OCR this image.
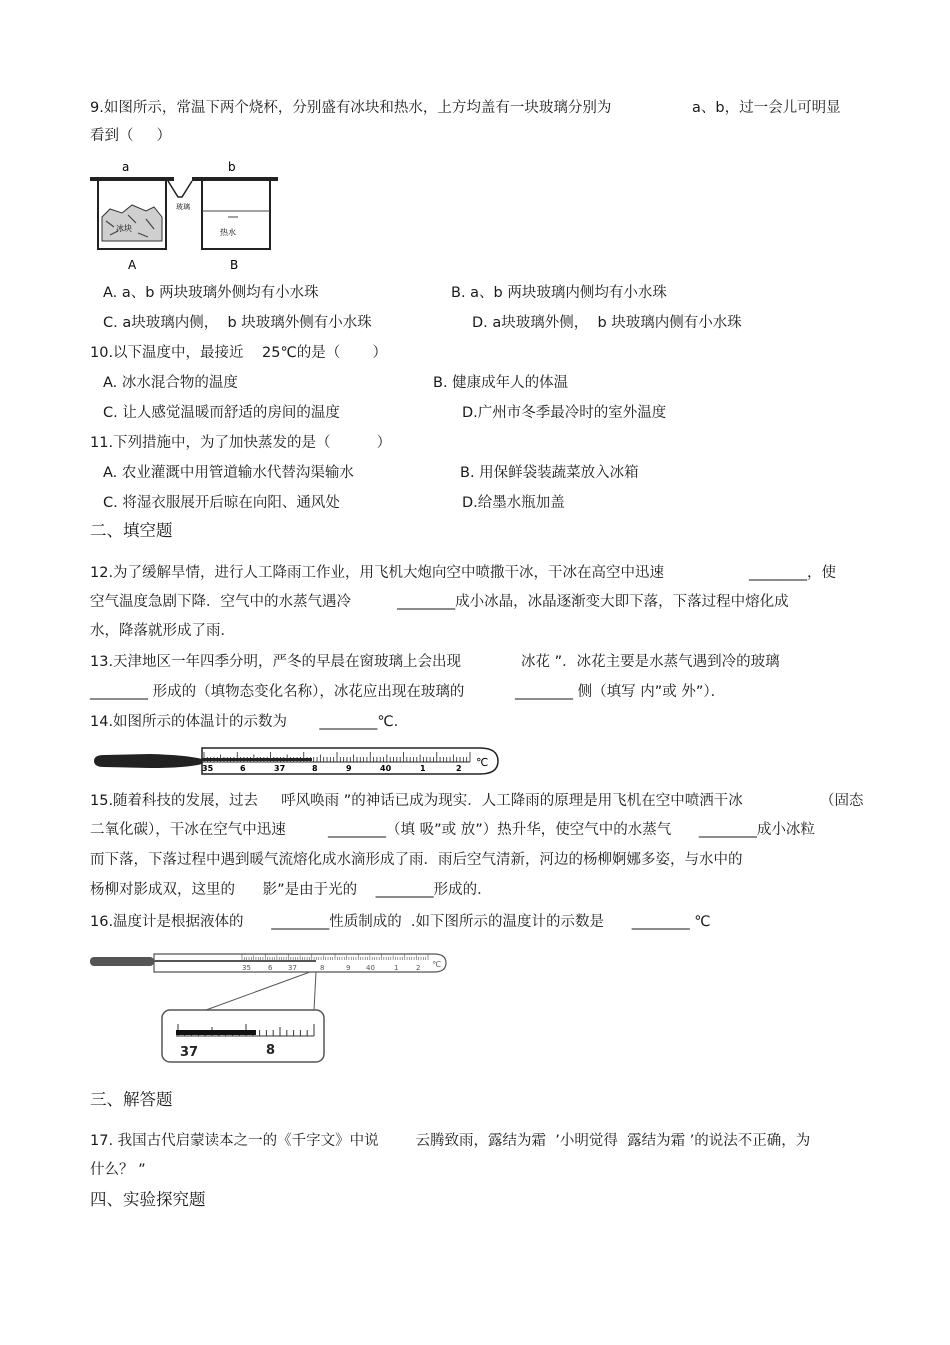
9.如图所示，常温下两个烧杯，分别盛有冰块和热水，上方均盖有一块玻璃分别为	a、b，过一会儿可明显
看到（     ）
a	b
玻璃
冰块	热水
A	B
A. a、b 两块玻璃外侧均有小水珠	B. a、b 两块玻璃内侧均有小水珠
C. a块玻璃内侧，  b 块玻璃外侧有小水珠	D. a块玻璃外侧，  b 块玻璃内侧有小水珠
10.以下温度中，最接近    25℃的是（       ）
A. 冰水混合物的温度	B. 健康成年人的体温
C. 让人感觉温暖而舒适的房间的温度	D.广州市冬季最冷时的室外温度
11.下列措施中，为了加快蒸发的是（          ）
A. 农业灌溉中用管道输水代替沟渠输水	B. 用保鲜袋装蔬菜放入冰箱
C. 将湿衣服展开后晾在向阳、通风处	D.给墨水瓶加盖
二、填空题
12.为了缓解旱情，进行人工降雨工作业，用飞机大炮向空中喷撒干冰，干冰在高空中迅速	________，使
空气温度急剧下降．空气中的水蒸气遇冷          ________成小冰晶，冰晶逐渐变大即下落，下落过程中熔化成
水，降落就形成了雨．
13.天津地区一年四季分明，严冬的早晨在窗玻璃上会出现	冰花 ”．冰花主要是水蒸气遇到冷的玻璃
________ 形成的（填物态变化名称），冰花应出现在玻璃的           ________ 侧（填写 内”或 外”）．
14.如图所示的体温计的示数为       ________℃.
35	6	37	8	9	40	1	2 ℃
15.随着科技的发展，过去     呼风唤雨 ”的神话已成为现实．人工降雨的原理是用飞机在空中喷洒干冰	（固态
二氧化碳），干冰在空气中迅速	________（填 吸”或 放”）热升华，使空气中的水蒸气      ________成小冰粒
而下落，下落过程中遇到暖气流熔化成水滴形成了雨．雨后空气清新，河边的杨柳婀娜多姿，与水中的
杨柳对影成双，这里的      影”是由于光的    ________形成的．
16.温度计是根据液体的      ________性质制成的  .如下图所示的温度计的示数是      ________ ℃
35 6 37	8	9 40	1	2 ℃
37	8
三、解答题
17. 我国古代启蒙读本之一的《千字文》中说        云腾致雨，露结为霜  ’小明觉得  露结为霜 ’的说法不正确，为
什么？ ”
四、实验探究题
